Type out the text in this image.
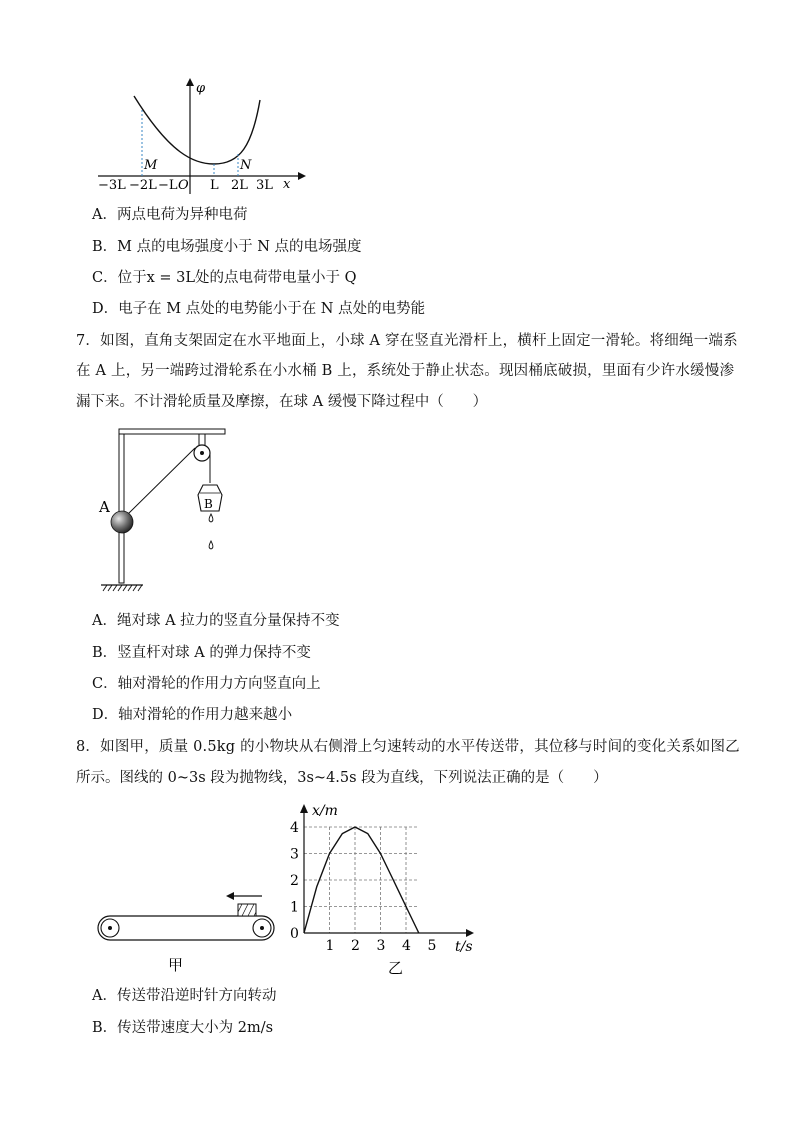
φ
x
M	N
−3L −2L −L O L 2L 3L
A．两点电荷为异种电荷
B．M 点的电场强度小于 N 点的电场强度
C．位于x = 3L处的点电荷带电量小于 Q
D．电子在 M 点处的电势能小于在 N 点处的电势能
7．如图，直角支架固定在水平地面上，小球 A 穿在竖直光滑杆上，横杆上固定一滑轮。将细绳一端系
在 A 上，另一端跨过滑轮系在小水桶 B 上，系统处于静止状态。现因桶底破损，里面有少许水缓慢渗
漏下来。不计滑轮质量及摩擦，在球 A 缓慢下降过程中（　　）
A	B
A．绳对球 A 拉力的竖直分量保持不变
B．竖直杆对球 A 的弹力保持不变
C．轴对滑轮的作用力方向竖直向上
D．轴对滑轮的作用力越来越小
8．如图甲，质量 0.5kg 的小物块从右侧滑上匀速转动的水平传送带，其位移与时间的变化关系如图乙
所示。图线的 0~3s 段为抛物线，3s~4.5s 段为直线，下列说法正确的是（　　）
甲
1 2 3 4 5
0
1
2
3
4
x/m
t/s
乙
A．传送带沿逆时针方向转动
B．传送带速度大小为 2m/s
